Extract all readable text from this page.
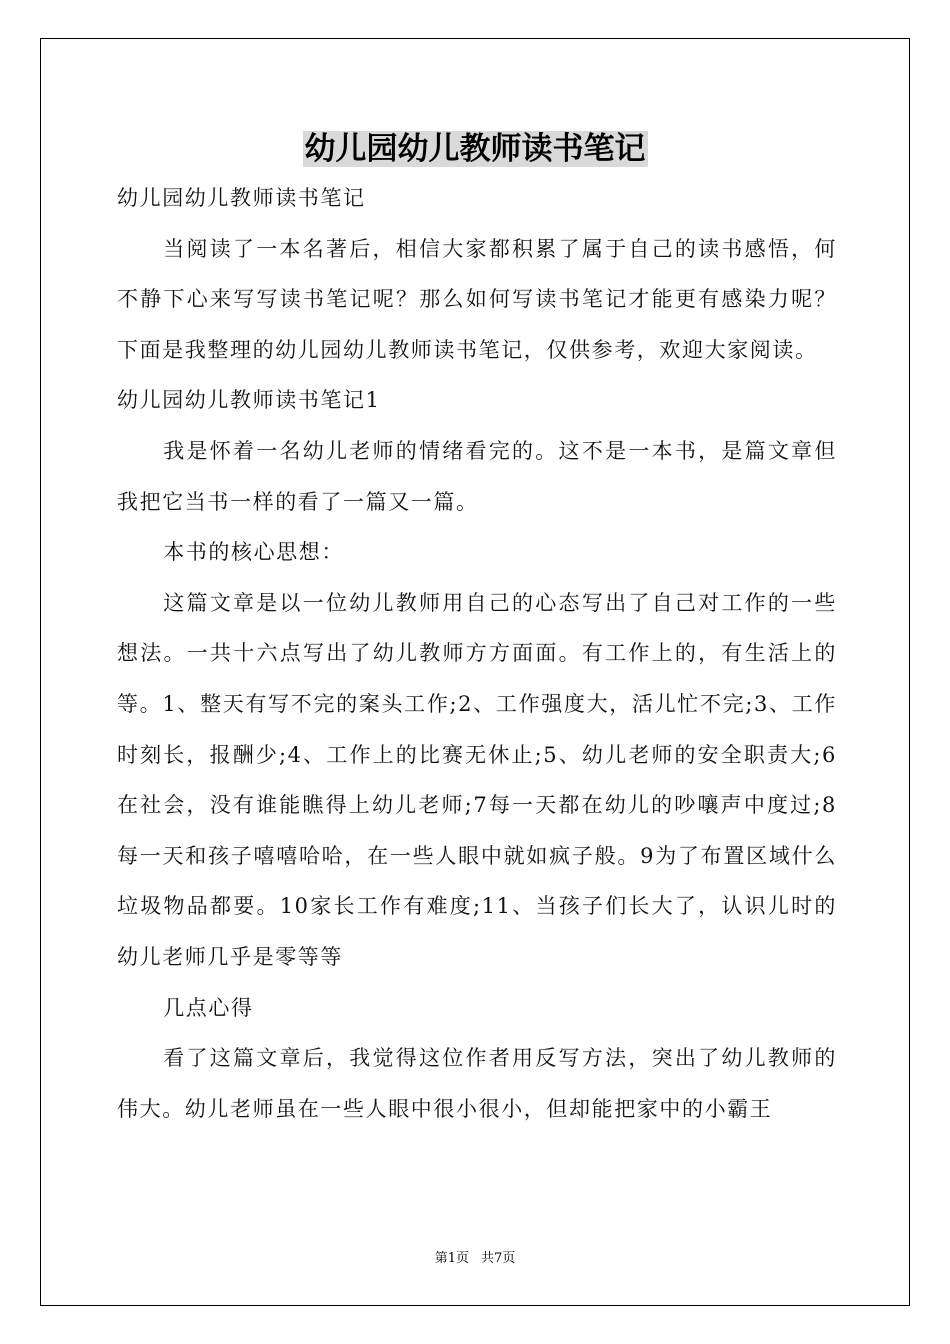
幼儿园幼儿教师读书笔记

幼儿园幼儿教师读书笔记

当阅读了一本名著后，相信大家都积累了属于自己的读书感悟，何不静下心来写写读书笔记呢？那么如何写读书笔记才能更有感染力呢？下面是我整理的幼儿园幼儿教师读书笔记，仅供参考，欢迎大家阅读。

幼儿园幼儿教师读书笔记1

我是怀着一名幼儿老师的情绪看完的。这不是一本书，是篇文章但我把它当书一样的看了一篇又一篇。

本书的核心思想：

这篇文章是以一位幼儿教师用自己的心态写出了自己对工作的一些想法。一共十六点写出了幼儿教师方方面面。有工作上的，有生活上的等。1、整天有写不完的案头工作;2、工作强度大，活儿忙不完;3、工作时刻长，报酬少;4、工作上的比赛无休止;5、幼儿老师的安全职责大;6在社会，没有谁能瞧得上幼儿老师;7每一天都在幼儿的吵嚷声中度过;8每一天和孩子嘻嘻哈哈，在一些人眼中就如疯子般。9为了布置区域什么垃圾物品都要。10家长工作有难度;11、当孩子们长大了，认识儿时的幼儿老师几乎是零等等

几点心得

看了这篇文章后，我觉得这位作者用反写方法，突出了幼儿教师的伟大。幼儿老师虽在一些人眼中很小很小，但却能把家中的小霸王

第1页 共7页
